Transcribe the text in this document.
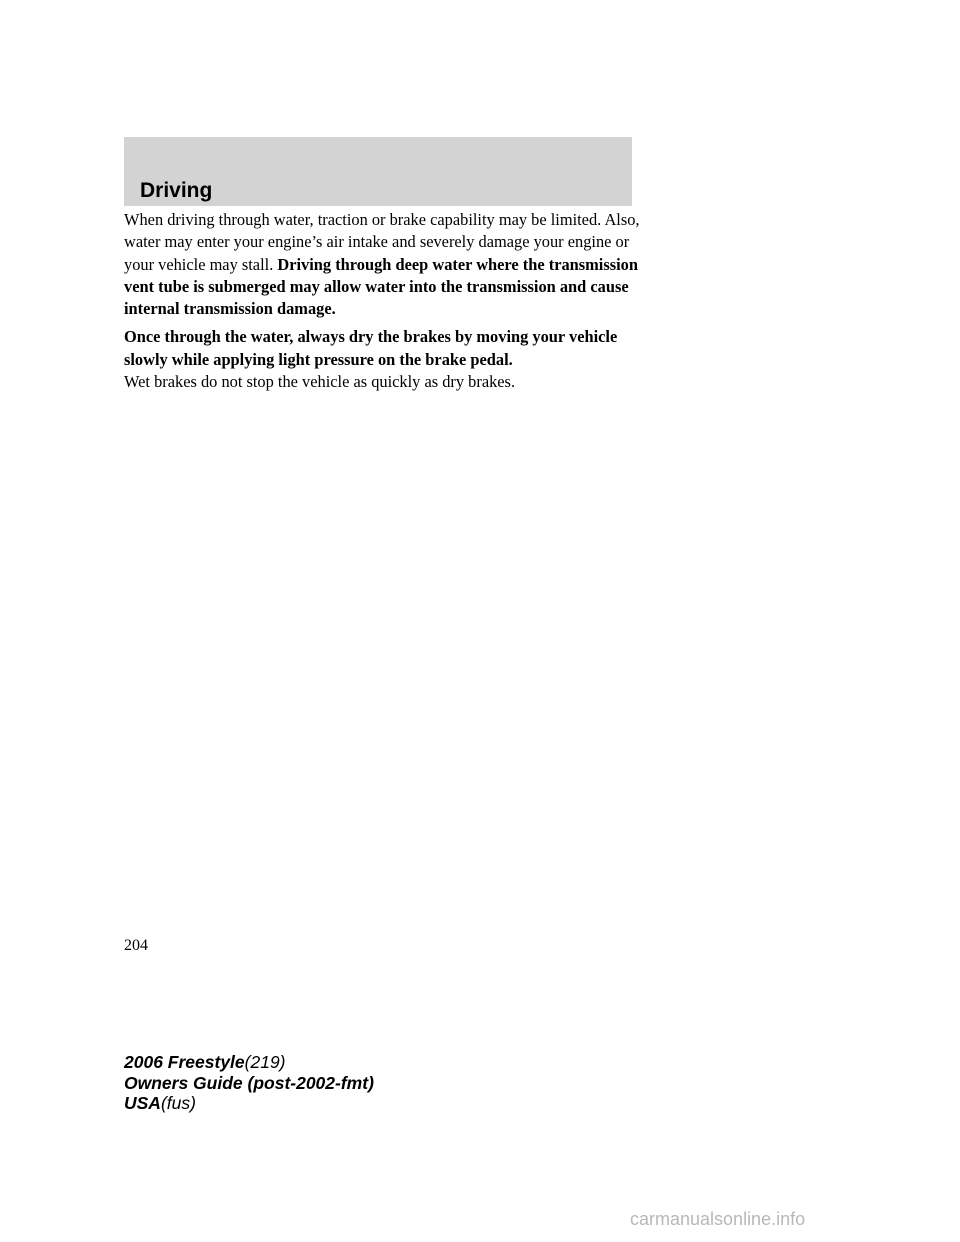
Driving

When driving through water, traction or brake capability may be limited. Also, water may enter your engine’s air intake and severely damage your engine or your vehicle may stall. Driving through deep water where the transmission vent tube is submerged may allow water into the transmission and cause internal transmission damage.

Once through the water, always dry the brakes by moving your vehicle slowly while applying light pressure on the brake pedal.
Wet brakes do not stop the vehicle as quickly as dry brakes.

204
2006 Freestyle(219)
Owners Guide (post-2002-fmt)
USA(fus)
carmanualsonline.info
